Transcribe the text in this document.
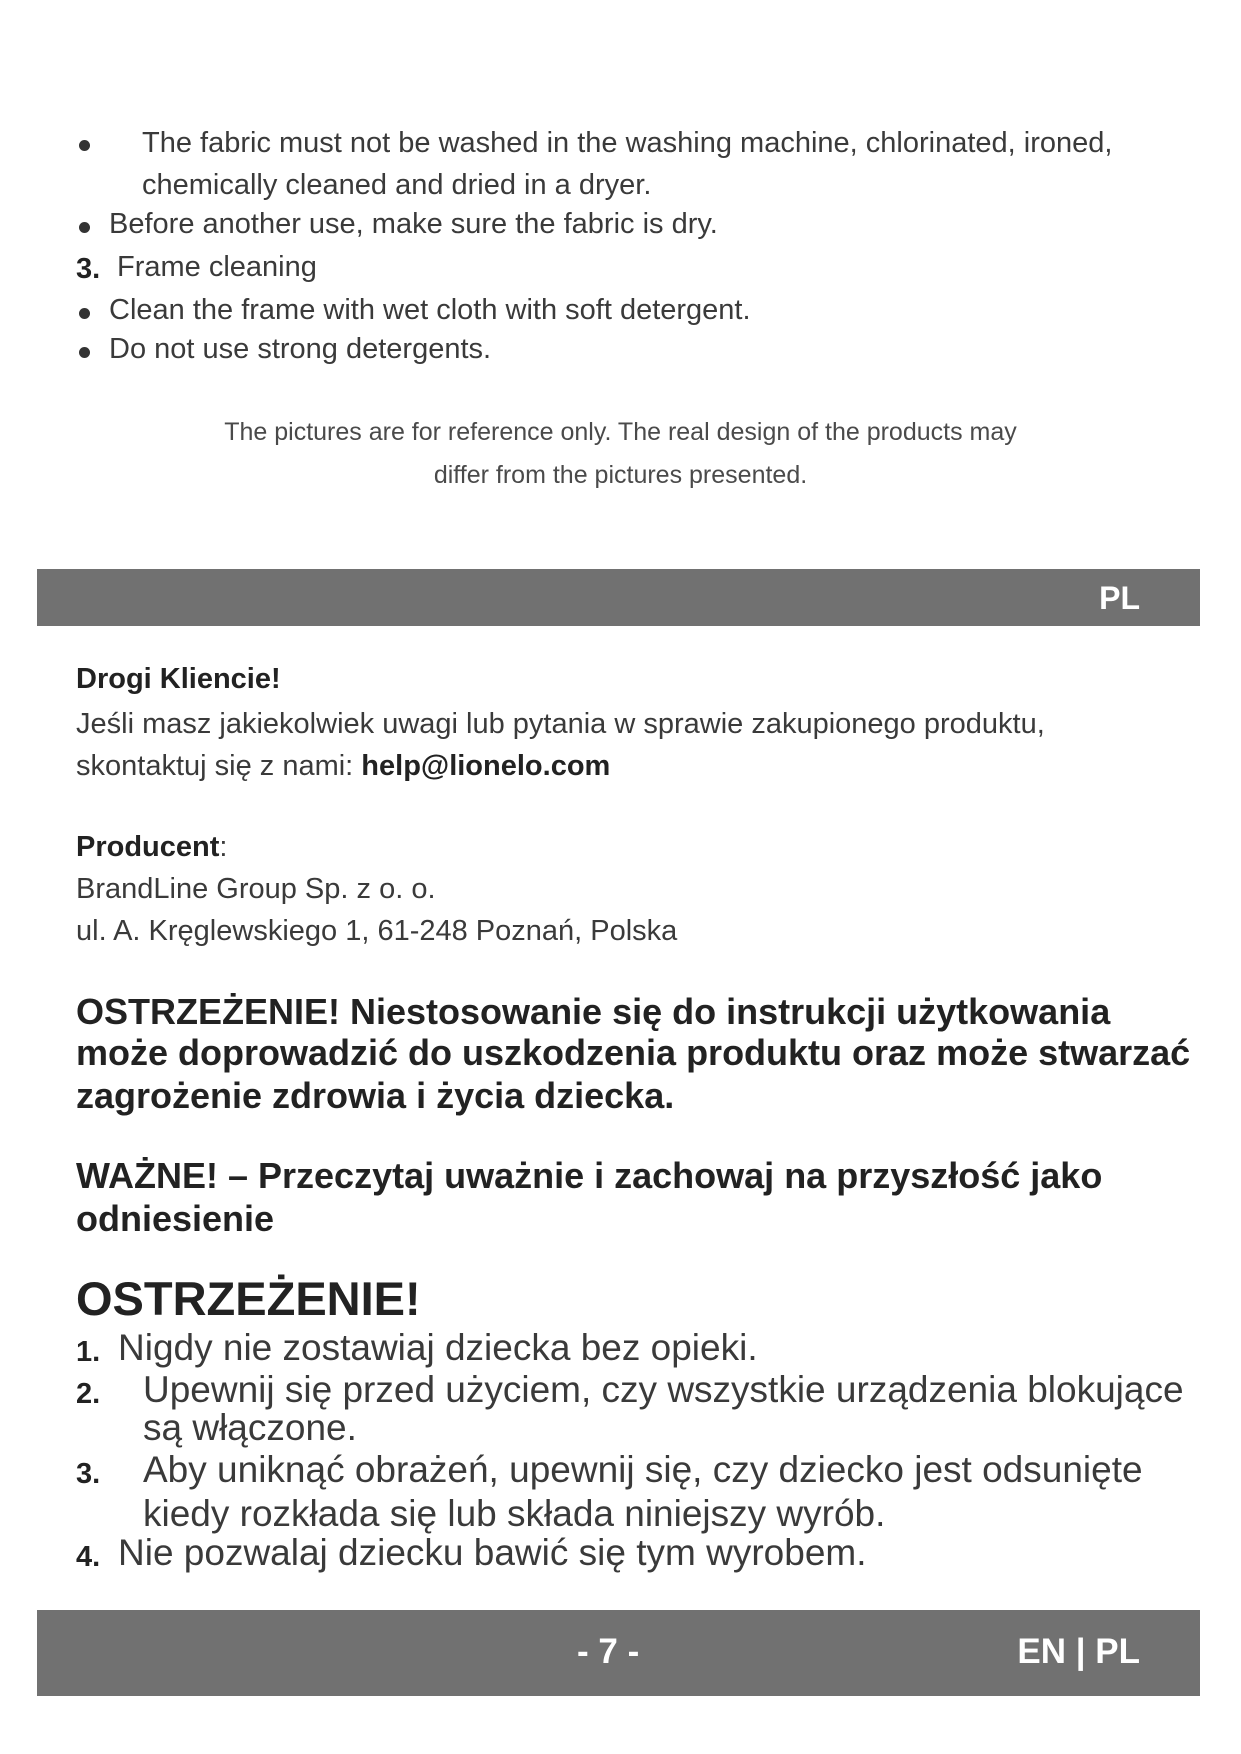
The fabric must not be washed in the washing machine, chlorinated, ironed,
chemically cleaned and dried in a dryer.
Before another use, make sure the fabric is dry.
3. Frame cleaning
Clean the frame with wet cloth with soft detergent.
Do not use strong detergents.
The pictures are for reference only. The real design of the products may
differ from the pictures presented.
PL
Drogi Kliencie!
Jeśli masz jakiekolwiek uwagi lub pytania w sprawie zakupionego produktu,
skontaktuj się z nami: help@lionelo.com
Producent:
BrandLine Group Sp. z o. o.
ul. A. Kręglewskiego 1, 61-248 Poznań, Polska
OSTRZEŻENIE! Niestosowanie się do instrukcji użytkowania
może doprowadzić do uszkodzenia produktu oraz może stwarzać
zagrożenie zdrowia i życia dziecka.
WAŻNE! – Przeczytaj uważnie i zachowaj na przyszłość jako
odniesienie
OSTRZEŻENIE!
1. Nigdy nie zostawiaj dziecka bez opieki.
2. Upewnij się przed użyciem, czy wszystkie urządzenia blokujące
są włączone.
3. Aby uniknąć obrażeń, upewnij się, czy dziecko jest odsunięte
kiedy rozkłada się lub składa niniejszy wyrób.
4. Nie pozwalaj dziecku bawić się tym wyrobem.
- 7 -	EN | PL
